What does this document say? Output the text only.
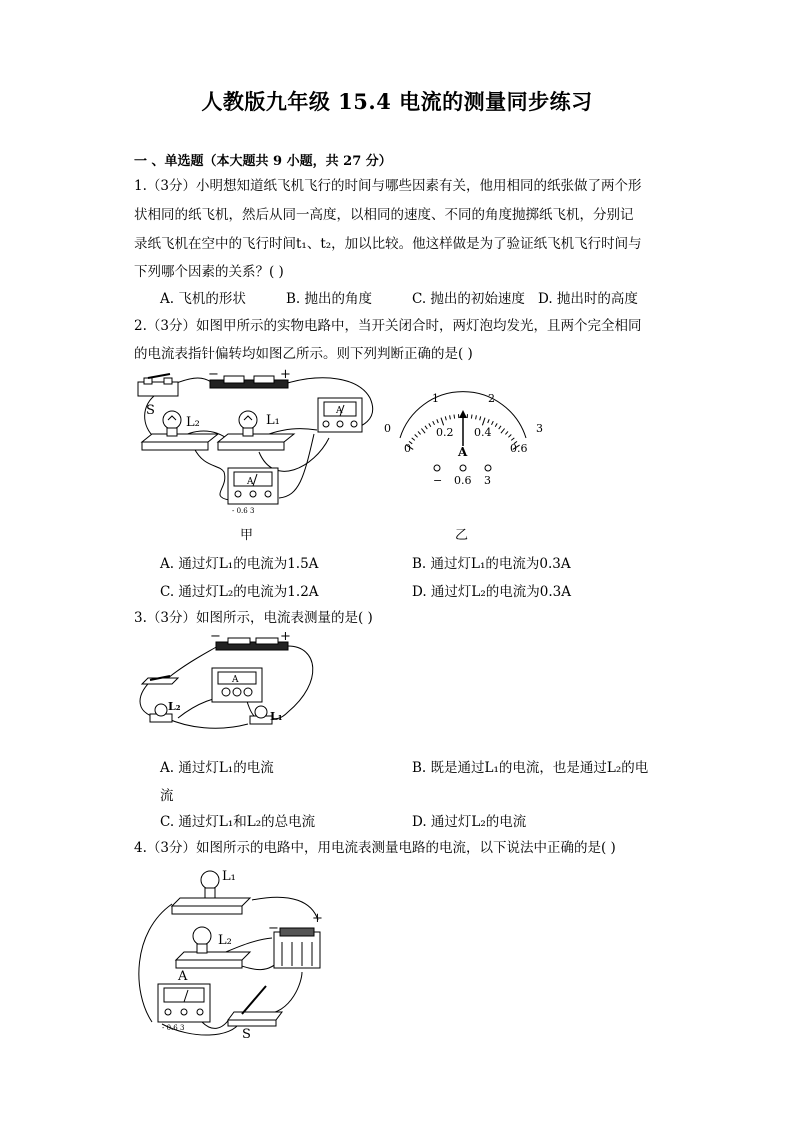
人教版九年级 15.4 电流的测量同步练习
一 、单选题（本大题共 9 小题，共 27 分）
1.（3分）小明想知道纸飞机飞行的时间与哪些因素有关，他用相同的纸张做了两个形
状相同的纸飞机，然后从同一高度，以相同的速度、不同的角度抛掷纸飞机，分别记
录纸飞机在空中的飞行时间t₁、t₂，加以比较。他这样做是为了验证纸飞机飞行时间与
下列哪个因素的关系？( )
A. 飞机的形状	B. 抛出的角度	C. 抛出的初始速度 D. 抛出时的高度
2.（3分）如图甲所示的实物电路中，当开关闭合时，两灯泡均发光，且两个完全相同
的电流表指针偏转均如图乙所示。则下列判断正确的是( )
S
−	+
L₂	L₁
A
A
- 0.6 3
甲
0
1	2
3
0
0.2 0.4
0.6
A
− 0.6 3
乙
A. 通过灯L₁的电流为1.5A	B. 通过灯L₁的电流为0.3A
C. 通过灯L₂的电流为1.2A	D. 通过灯L₂的电流为0.3A
3.（3分）如图所示，电流表测量的是( )
−	+
A
L₂
L₁
A. 通过灯L₁的电流	B. 既是通过L₁的电流，也是通过L₂的电
流
C. 通过灯L₁和L₂的总电流	D. 通过灯L₂的电流
4.（3分）如图所示的电路中，用电流表测量电路的电流，以下说法中正确的是( )
L₁
L₂
−
+
A
- 0.6 3	S
